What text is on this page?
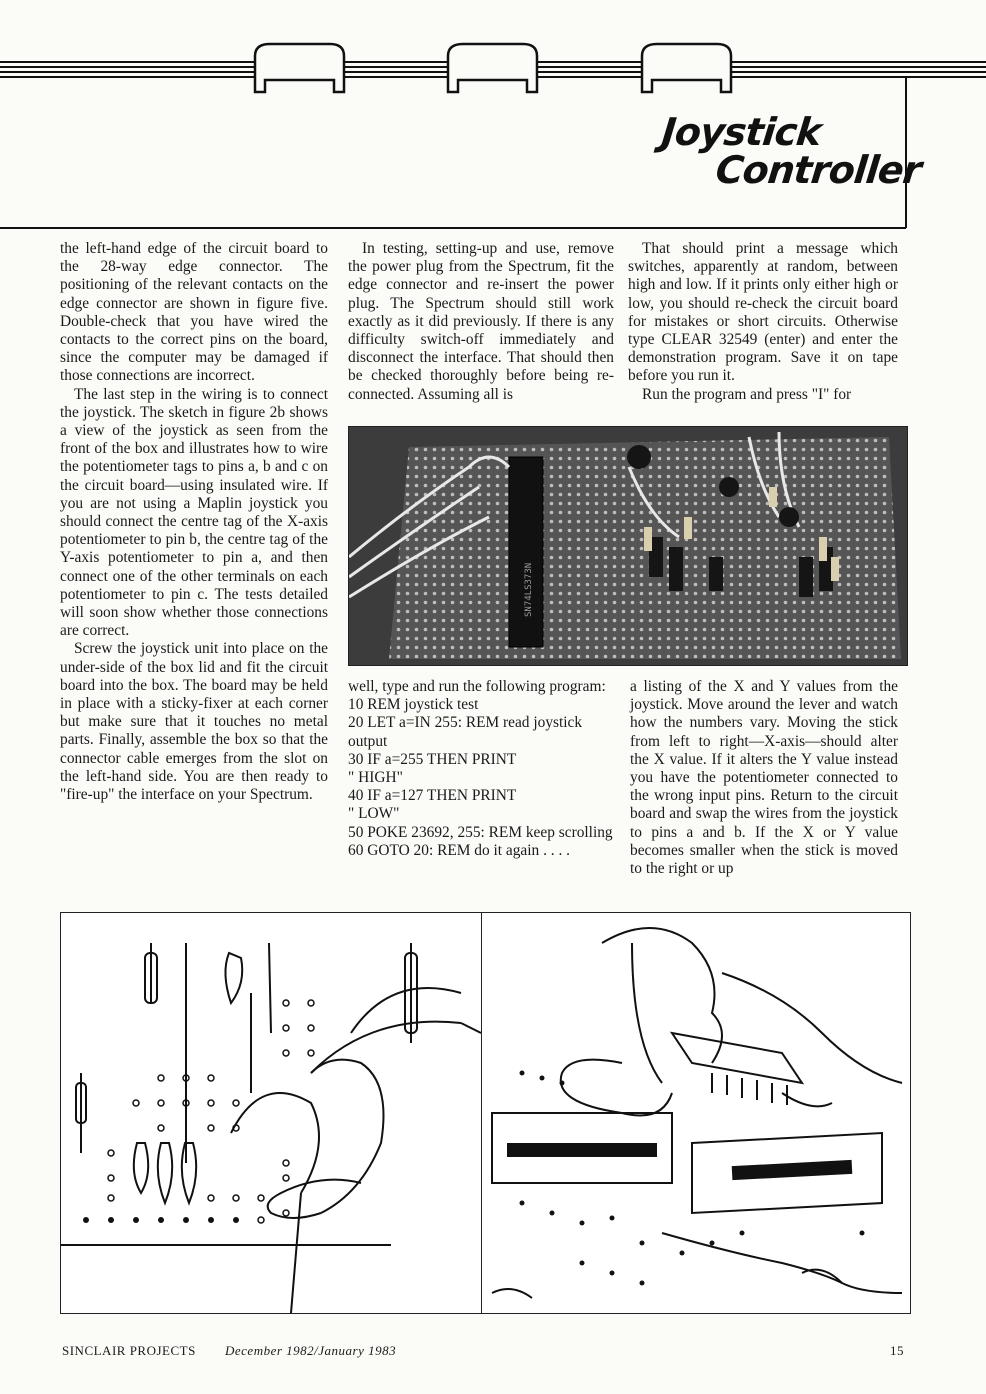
Joystick
Controller

the left-hand edge of the circuit board to the 28-way edge connector. The positioning of the relevant contacts on the edge connector are shown in figure five. Double-check that you have wired the contacts to the correct pins on the board, since the computer may be damaged if those connections are incorrect.

The last step in the wiring is to connect the joystick. The sketch in figure 2b shows a view of the joystick as seen from the front of the box and illustrates how to wire the potentiometer tags to pins a, b and c on the circuit board—using insulated wire. If you are not using a Maplin joystick you should connect the centre tag of the X-axis potentiometer to pin b, the centre tag of the Y-axis potentiometer to pin a, and then connect one of the other terminals on each potentiometer to pin c. The tests detailed will soon show whether those connections are correct.

Screw the joystick unit into place on the under-side of the box lid and fit the circuit board into the box. The board may be held in place with a sticky-fixer at each corner but make sure that it touches no metal parts. Finally, assemble the box so that the connector cable emerges from the slot on the left-hand side. You are then ready to "fire-up" the interface on your Spectrum.

In testing, setting-up and use, remove the power plug from the Spectrum, fit the edge connector and re-insert the power plug. The Spectrum should still work exactly as it did previously. If there is any difficulty switch-off immediately and disconnect the interface. That should then be checked thoroughly before being re-connected. Assuming all is

That should print a message which switches, apparently at random, between high and low. If it prints only either high or low, you should re-check the circuit board for mistakes or short circuits. Otherwise type CLEAR 32549 (enter) and enter the demonstration program. Save it on tape before you run it.

Run the program and press "I" for

SN74LS373N

well, type and run the following program:

10 REM joystick test

20 LET a=IN 255: REM read joystick output

30 IF a=255 THEN PRINT

" HIGH"

40 IF a=127 THEN PRINT

" LOW"

50 POKE 23692, 255: REM keep scrolling

60 GOTO 20: REM do it again . . . .

a listing of the X and Y values from the joystick. Move around the lever and watch how the numbers vary. Moving the stick from left to right—X-axis—should alter the X value. If it alters the Y value instead you have the potentiometer connected to the wrong input pins. Return to the circuit board and swap the wires from the joystick to pins a and b. If the X or Y value becomes smaller when the stick is moved to the right or up

SINCLAIR PROJECTS December 1982/January 1983	15
